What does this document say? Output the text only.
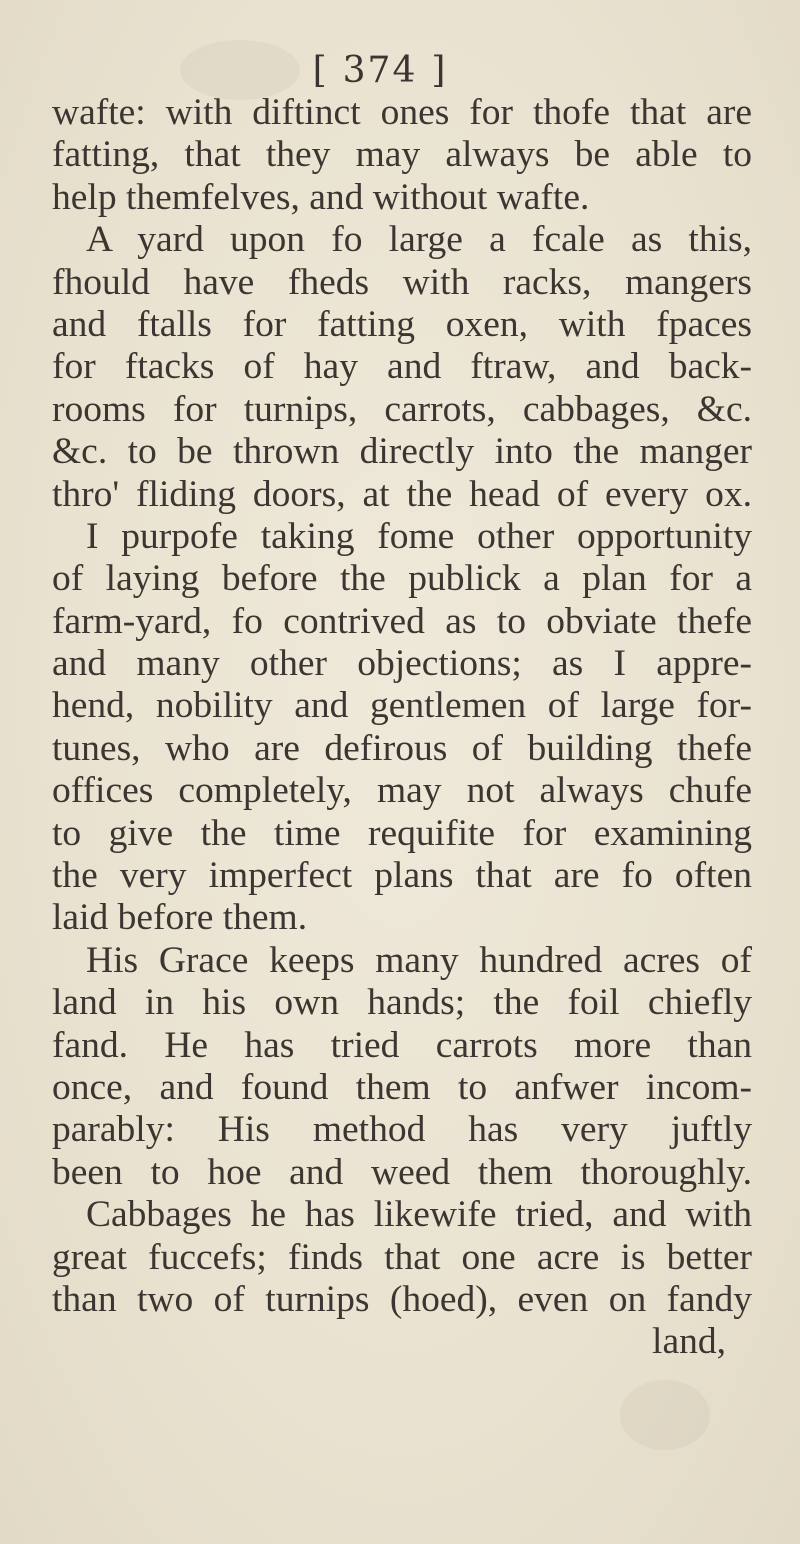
[ 374 ]
wafte: with diftinct ones for thofe that are
fatting, that they may always be able to
help themfelves, and without wafte.
A yard upon fo large a fcale as this,
fhould have fheds with racks, mangers
and ftalls for fatting oxen, with fpaces
for ftacks of hay and ftraw, and back-
rooms for turnips, carrots, cabbages, &c.
&c. to be thrown directly into the manger
thro' fliding doors, at the head of every ox.
I purpofe taking fome other opportunity
of laying before the publick a plan for a
farm-yard, fo contrived as to obviate thefe
and many other objections; as I appre-
hend, nobility and gentlemen of large for-
tunes, who are defirous of building thefe
offices completely, may not always chufe
to give the time requifite for examining
the very imperfect plans that are fo often
laid before them.
His Grace keeps many hundred acres of
land in his own hands; the foil chiefly
fand. He has tried carrots more than
once, and found them to anfwer incom-
parably: His method has very juftly
been to hoe and weed them thoroughly.
Cabbages he has likewife tried, and with
great fuccefs; finds that one acre is better
than two of turnips (hoed), even on fandy
land,
